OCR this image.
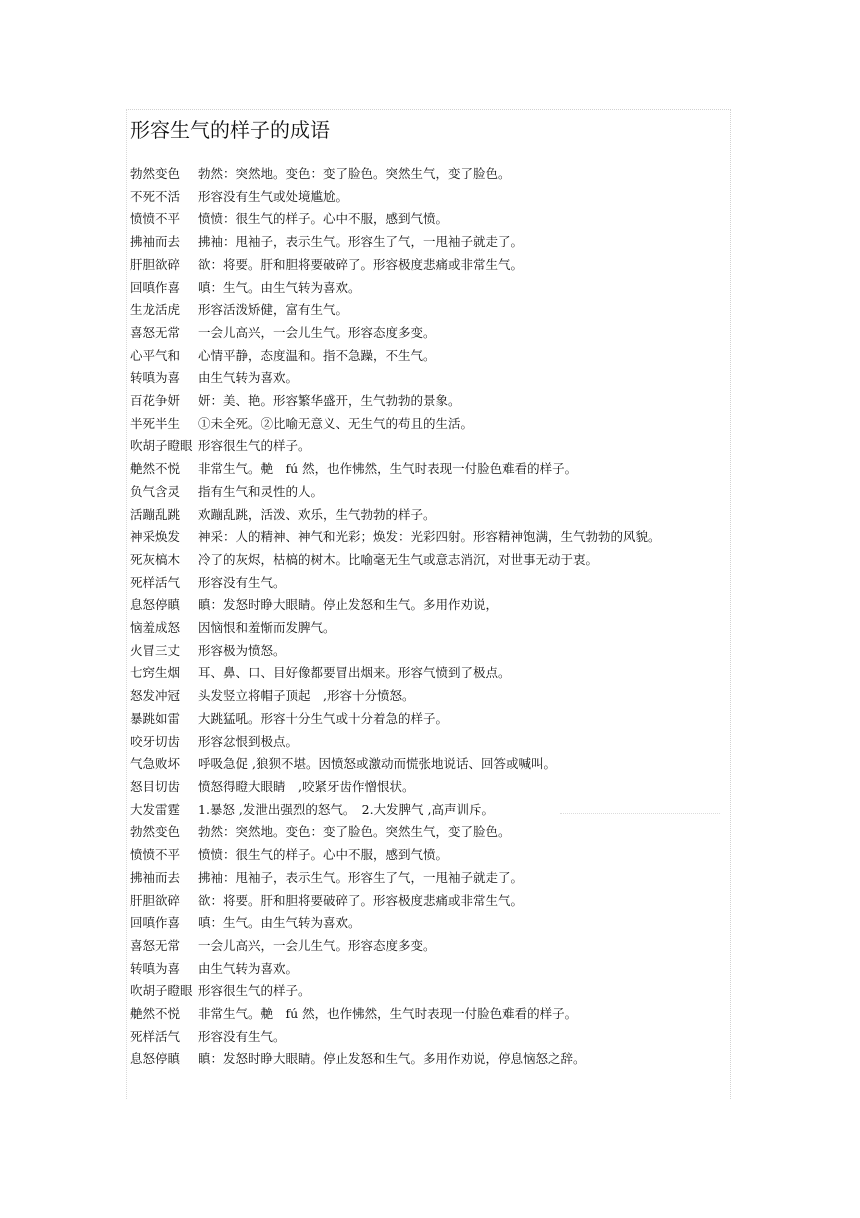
形容生气的样子的成语
勃然变色 勃然：突然地。变色：变了脸色。突然生气，变了脸色。
不死不活 形容没有生气或处境尴尬。
愤愤不平 愤愤：很生气的样子。心中不服，感到气愤。
拂袖而去 拂袖：甩袖子，表示生气。形容生了气，一甩袖子就走了。
肝胆欲碎 欲：将要。肝和胆将要破碎了。形容极度悲痛或非常生气。
回嗔作喜 嗔：生气。由生气转为喜欢。
生龙活虎 形容活泼矫健，富有生气。
喜怒无常 一会儿高兴，一会儿生气。形容态度多变。
心平气和 心情平静，态度温和。指不急躁，不生气。
转嗔为喜 由生气转为喜欢。
百花争妍 妍：美、艳。形容繁华盛开，生气勃勃的景象。
半死半生 ①未全死。②比喻无意义、无生气的苟且的生活。
吹胡子瞪眼 形容很生气的样子。
艴然不悦 非常生气。艴　fú 然，也作怫然，生气时表现一付脸色难看的样子。
负气含灵 指有生气和灵性的人。
活蹦乱跳 欢蹦乱跳，活泼、欢乐，生气勃勃的样子。
神采焕发 神采：人的精神、神气和光彩；焕发：光彩四射。形容精神饱满，生气勃勃的风貌。
死灰槁木 冷了的灰烬，枯槁的树木。比喻毫无生气或意志消沉，对世事无动于衷。
死样活气 形容没有生气。
息怒停瞋 瞋：发怒时睁大眼睛。停止发怒和生气。多用作劝说，
恼羞成怒 因恼恨和羞惭而发脾气。
火冒三丈 形容极为愤怒。
七窍生烟 耳、鼻、口、目好像都要冒出烟来。形容气愤到了极点。
怒发冲冠 头发竖立将帽子顶起　,形容十分愤怒。
暴跳如雷 大跳猛吼。形容十分生气或十分着急的样子。
咬牙切齿 形容忿恨到极点。
气急败坏 呼吸急促 ,狼狈不堪。因愤怒或激动而慌张地说话、回答或喊叫。
怒目切齿 愤怒得瞪大眼睛　,咬紧牙齿作憎恨状。
大发雷霆 1.暴怒 ,发泄出强烈的怒气。　2.大发脾气 ,高声训斥。
勃然变色 勃然：突然地。变色：变了脸色。突然生气，变了脸色。
愤愤不平 愤愤：很生气的样子。心中不服，感到气愤。
拂袖而去 拂袖：甩袖子，表示生气。形容生了气，一甩袖子就走了。
肝胆欲碎 欲：将要。肝和胆将要破碎了。形容极度悲痛或非常生气。
回嗔作喜 嗔：生气。由生气转为喜欢。
喜怒无常 一会儿高兴，一会儿生气。形容态度多变。
转嗔为喜 由生气转为喜欢。
吹胡子瞪眼 形容很生气的样子。
艴然不悦 非常生气。艴　fú 然，也作怫然，生气时表现一付脸色难看的样子。
死样活气 形容没有生气。
息怒停瞋 瞋：发怒时睁大眼睛。停止发怒和生气。多用作劝说，停息恼怒之辞。
